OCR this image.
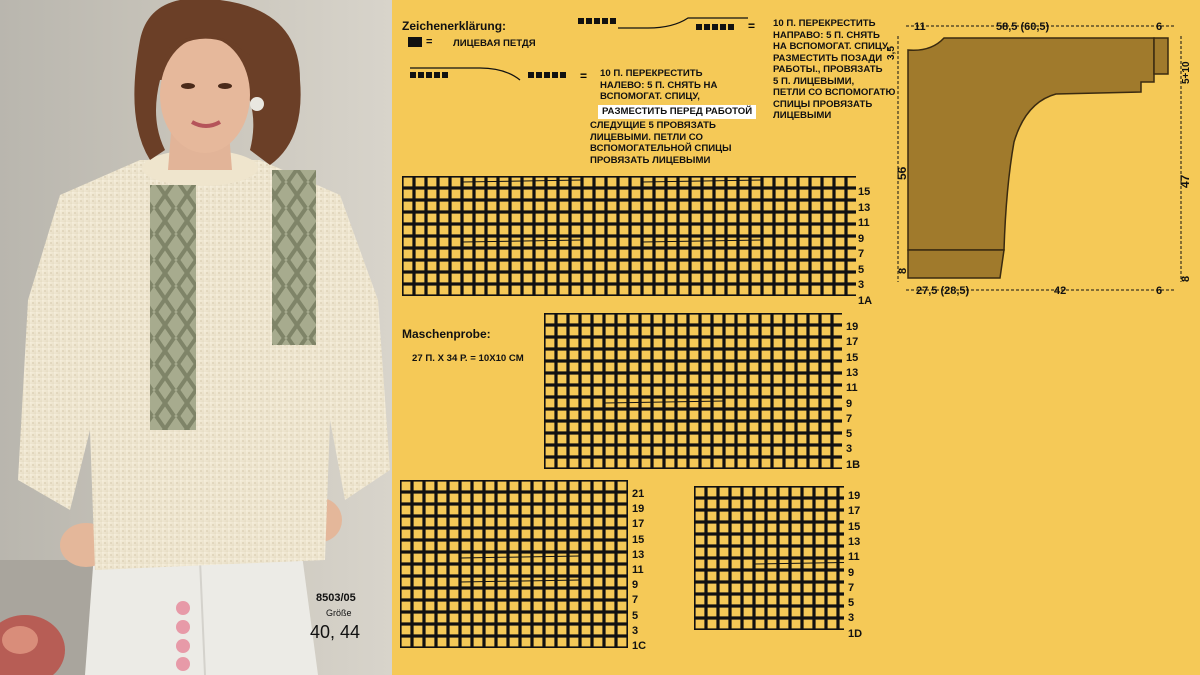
8503/05
Größe
40, 44
Zeichenerklärung:
= ЛИЦЕВАЯ ПЕТДЯ
= 10 П. ПЕРЕКРЕСТИТЬ
НАЛЕВО: 5 П. СНЯТЬ НА
ВСПОМОГАТ. СПИЦУ,
РАЗМЕСТИТЬ ПЕРЕД РАБОТОЙ
СЛЕДУЩИЕ 5 ПРОВЯЗАТЬ
ЛИЦЕВЫМИ. ПЕТЛИ СО
ВСПОМОГАТЕЛЬНОЙ СПИЦЫ
ПРОВЯЗАТЬ ЛИЦЕВЫМИ
= 10 П. ПЕРЕКРЕСТИТЬ
НАПРАВО: 5 П. СНЯТЬ
НА ВСПОМОГАТ. СПИЦУ,
РАЗМЕСТИТЬ ПОЗАДИ
РАБОТЫ., ПРОВЯЗАТЬ
5 П. ЛИЦЕВЫМИ,
ПЕТЛИ СО ВСПОМОГАТЮ
СПИЦЫ ПРОВЯЗАТЬ
ЛИЦЕВЫМИ
Maschenprobe:
27 П. Х 34 Р. = 10Х10 СМ
15
13
11
9
7
5
3
1A
19
17
15
13
11
9
7
5
3
1B
21
19
17
15
13
11
9
7
5
3
1C
19
17
15
13
11
9
7
5
3
1D
11	58,5 (60,5)	6
3,5
56
8
5+10
47
8
27,5 (28,5)	42	6
